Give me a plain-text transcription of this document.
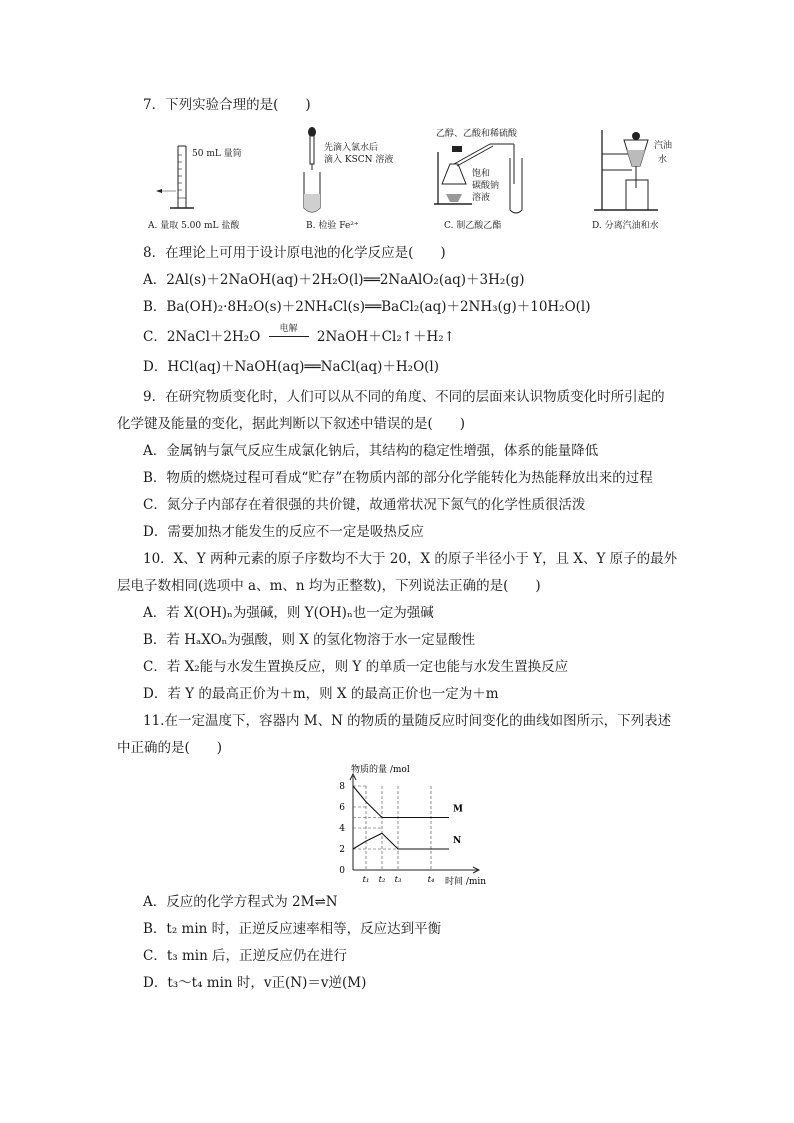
7．下列实验合理的是(　　)
50 mL 量筒
A. 量取 5.00 mL 盐酸
先滴入氯水后
滴入 KSCN 溶液
B. 检验 Fe²⁺
乙醇、乙酸和稀硫酸
饱和
碳酸钠
溶液
C. 制乙酸乙酯
汽油
水
D. 分离汽油和水
8．在理论上可用于设计原电池的化学反应是(　　)
A．2Al(s)＋2NaOH(aq)＋2H₂O(l)══2NaAlO₂(aq)＋3H₂(g)
B．Ba(OH)₂·8H₂O(s)＋2NH₄Cl(s)══BaCl₂(aq)＋2NH₃(g)＋10H₂O(l)
C．2NaCl＋2H₂O	电解	2NaOH＋Cl₂↑＋H₂↑
D．HCl(aq)＋NaOH(aq)══NaCl(aq)＋H₂O(l)
9．在研究物质变化时，人们可以从不同的角度、不同的层面来认识物质变化时所引起的
化学键及能量的变化，据此判断以下叙述中错误的是(　　)
A．金属钠与氯气反应生成氯化钠后，其结构的稳定性增强，体系的能量降低
B．物质的燃烧过程可看成“贮存”在物质内部的部分化学能转化为热能释放出来的过程
C．氮分子内部存在着很强的共价键，故通常状况下氮气的化学性质很活泼
D．需要加热才能发生的反应不一定是吸热反应
10．X、Y 两种元素的原子序数均不大于 20，X 的原子半径小于 Y，且 X、Y 原子的最外
层电子数相同(选项中 a、m、n 均为正整数)，下列说法正确的是(　　)
A．若 X(OH)ₙ为强碱，则 Y(OH)ₙ也一定为强碱
B．若 HₐXOₙ为强酸，则 X 的氢化物溶于水一定显酸性
C．若 X₂能与水发生置换反应，则 Y 的单质一定也能与水发生置换反应
D．若 Y 的最高正价为＋m，则 X 的最高正价也一定为＋m
11.在一定温度下，容器内 M、N 的物质的量随反应时间变化的曲线如图所示，下列表述
中正确的是(　　)
物质的量 /mol
时间 /min
0
2
4
6
8
t₁ t₂ t₃	t₄
M
N
A．反应的化学方程式为 2M⇌N
B．t₂ min 时，正逆反应速率相等，反应达到平衡
C．t₃ min 后，正逆反应仍在进行
D．t₃～t₄ min 时，v正(N)＝v逆(M)
